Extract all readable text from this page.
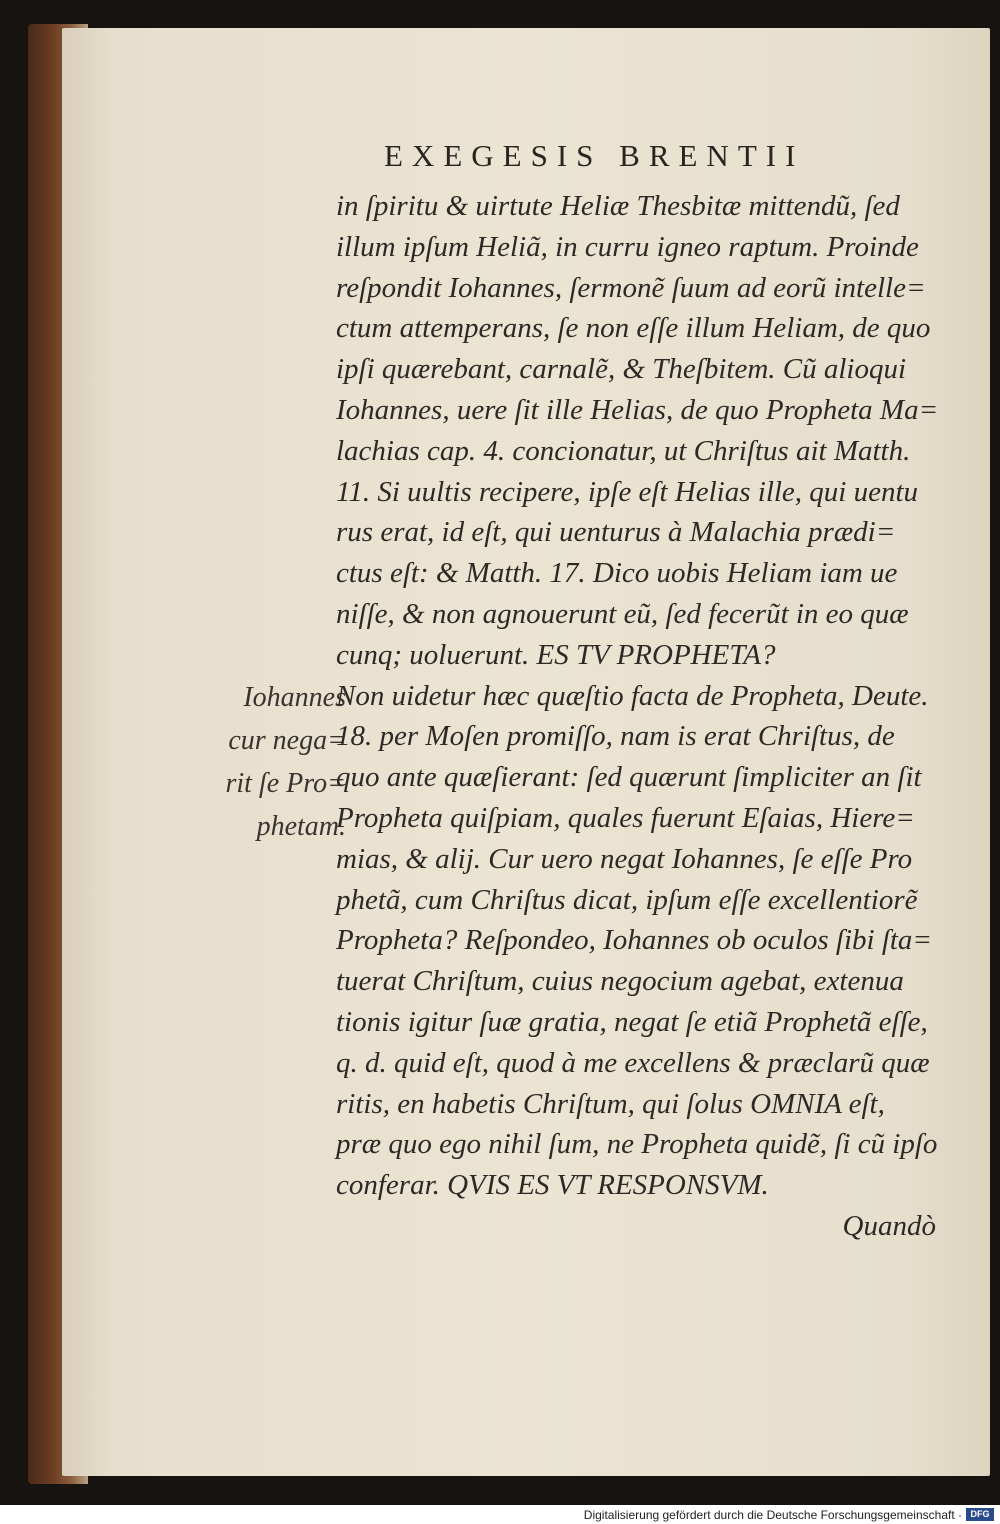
EXEGESIS BRENTII
in ſpiritu & uirtute Heliæ Thesbitæ mittendũ, ſed
illum ipſum Heliã, in curru igneo raptum. Proinde
reſpondit Iohannes, ſermonẽ ſuum ad eorũ intelle=
ctum attemperans, ſe non eſſe illum Heliam, de quo
ipſi quærebant, carnalẽ, & Theſbitem. Cũ alioqui
Iohannes, uere ſit ille Helias, de quo Propheta Ma=
lachias cap. 4. concionatur, ut Chriſtus ait Matth.
11. Si uultis recipere, ipſe eſt Helias ille, qui uentu
rus erat, id eſt, qui uenturus à Malachia prædi=
ctus eſt: & Matth. 17. Dico uobis Heliam iam ue
niſſe, & non agnouerunt eũ, ſed fecerũt in eo quæ
cunq; uoluerunt. ES TV PROPHETA?
Non uidetur hæc quæſtio facta de Propheta, Deute.
18. per Moſen promiſſo, nam is erat Chriſtus, de
quo ante quæſierant: ſed quærunt ſimpliciter an ſit
Propheta quiſpiam, quales fuerunt Eſaias, Hiere=
mias, & alij. Cur uero negat Iohannes, ſe eſſe Pro
phetã, cum Chriſtus dicat, ipſum eſſe excellentiorẽ
Propheta? Reſpondeo, Iohannes ob oculos ſibi ſta=
tuerat Chriſtum, cuius negocium agebat, extenua
tionis igitur ſuæ gratia, negat ſe etiã Prophetã eſſe,
q. d. quid eſt, quod à me excellens & præclarũ quæ
ritis, en habetis Chriſtum, qui ſolus OMNIA eſt,
præ quo ego nihil ſum, ne Propheta quidẽ, ſi cũ ipſo
conferar. QVIS ES VT RESPONSVM.
Quandò
Iohannes
cur nega=
rit ſe Pro=
phetam.
Digitalisierung gefördert durch die Deutsche Forschungsgemeinschaft · DFG
